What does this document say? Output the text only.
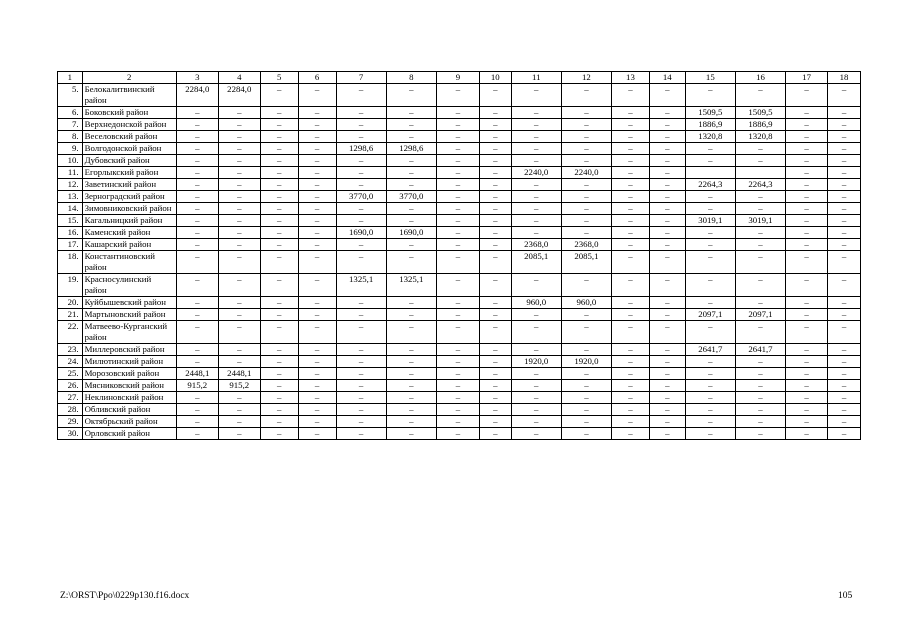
1	2	3	4	5	6	7	8	9	10	11	12	13	14	15	16	17	18
5.	Белокалитвинский район	2284,0	2284,0	–	–	–	–	–	–	–	–	–	–	–	–	–	–
6.	Боковский район	–	–	–	–	–	–	–	–	–	–	–	–	1509,5	1509,5	–	–
7.	Верхнедонской район	–	–	–	–	–	–	–	–	–	–	–	–	1886,9	1886,9	–	–
8.	Веселовский район	–	–	–	–	–	–	–	–	–	–	–	–	1320,8	1320,8	–	–
9.	Волгодонской район	–	–	–	–	1298,6	1298,6	–	–	–	–	–	–	–	–	–	–
10.	Дубовский район	–	–	–	–	–	–	–	–	–	–	–	–	–	–	–	–
11.	Егорлыкский район	–	–	–	–	–	–	–	–	2240,0	2240,0	–	–			–	–
12.	Заветинский район	–	–	–	–	–	–	–	–	–	–	–	–	2264,3	2264,3	–	–
13.	Зерноградский район	–	–	–	–	3770,0	3770,0	–	–	–	–	–	–	–	–	–	–
14.	Зимовниковский район	–	–	–	–	–	–	–	–	–	–	–	–	–	–	–	–
15.	Кагальницкий район	–	–	–	–	–	–	–	–	–	–	–	–	3019,1	3019,1	–	–
16.	Каменский район	–	–	–	–	1690,0	1690,0	–	–	–	–	–	–	–	–	–	–
17.	Кашарский район	–	–	–	–	–	–	–	–	2368,0	2368,0	–	–	–	–	–	–
18.	Константиновский район	–	–	–	–	–	–	–	–	2085,1	2085,1	–	–	–	–	–	–
19.	Красносулинский район	–	–	–	–	1325,1	1325,1	–	–	–	–	–	–	–	–	–	–
20.	Куйбышевский район	–	–	–	–	–	–	–	–	960,0	960,0	–	–	–	–	–	–
21.	Мартыновский район	–	–	–	–	–	–	–	–	–	–	–	–	2097,1	2097,1	–	–
22.	Матвеево-Курганский район	–	–	–	–	–	–	–	–	–	–	–	–	–	–	–	–
23.	Миллеровский район	–	–	–	–	–	–	–	–	–	–	–	–	2641,7	2641,7	–	–
24.	Милютинский район	–	–	–	–	–	–	–	–	1920,0	1920,0	–	–	–	–	–	–
25.	Морозовский район	2448,1	2448,1	–	–	–	–	–	–	–	–	–	–	–	–	–	–
26.	Мясниковский район	915,2	915,2	–	–	–	–	–	–	–	–	–	–	–	–	–	–
27.	Неклиновский район	–	–	–	–	–	–	–	–	–	–	–	–	–	–	–	–
28.	Обливский район	–	–	–	–	–	–	–	–	–	–	–	–	–	–	–	–
29.	Октябрьский район	–	–	–	–	–	–	–	–	–	–	–	–	–	–	–	–
30.	Орловский район	–	–	–	–	–	–	–	–	–	–	–	–	–	–	–	–
Z:\ORST\Ppo\0229p130.f16.docx	105
